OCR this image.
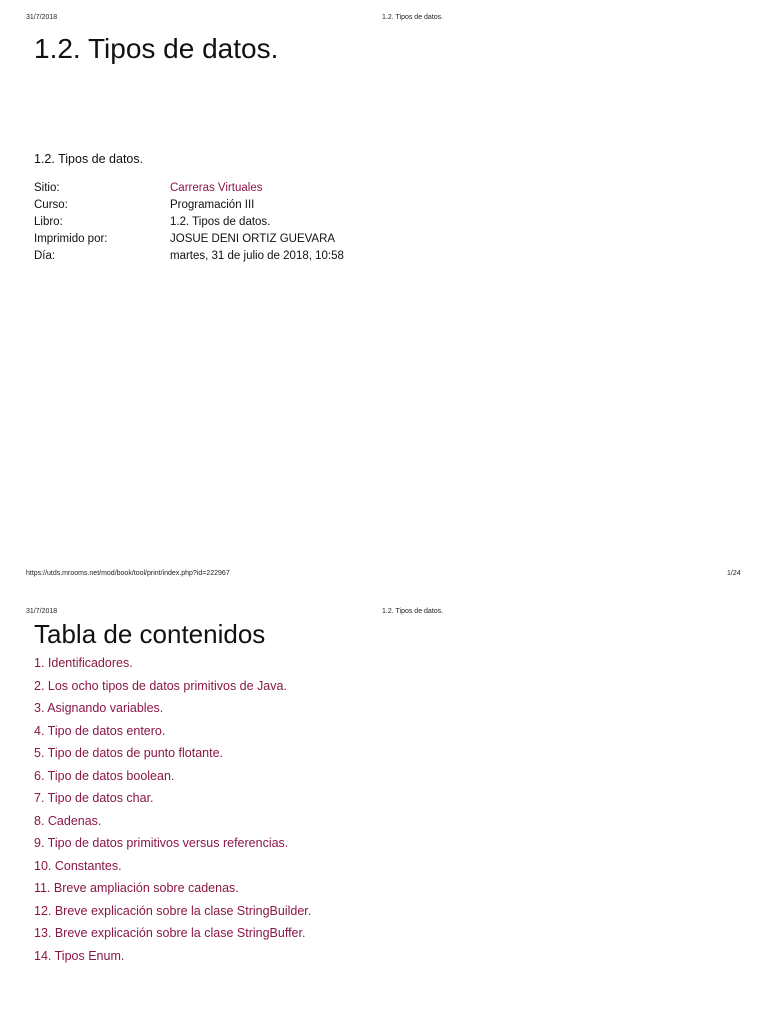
31/7/2018	1.2. Tipos de datos.
1.2. Tipos de datos.
1.2. Tipos de datos.
Sitio:	Carreras Virtuales
Curso:	Programación III
Libro:	1.2. Tipos de datos.
Imprimido por:	JOSUE DENI ORTIZ GUEVARA
Día:	martes, 31 de julio de 2018, 10:58
https://utds.mrooms.net/mod/book/tool/print/index.php?id=222967	1/24
31/7/2018	1.2. Tipos de datos.
Tabla de contenidos
1. Identificadores.
2. Los ocho tipos de datos primitivos de Java.
3. Asignando variables.
4. Tipo de datos entero.
5. Tipo de datos de punto flotante.
6. Tipo de datos boolean.
7. Tipo de datos char.
8. Cadenas.
9. Tipo de datos primitivos versus referencias.
10. Constantes.
11. Breve ampliación sobre cadenas.
12. Breve explicación sobre la clase StringBuilder.
13. Breve explicación sobre la clase StringBuffer.
14. Tipos Enum.
